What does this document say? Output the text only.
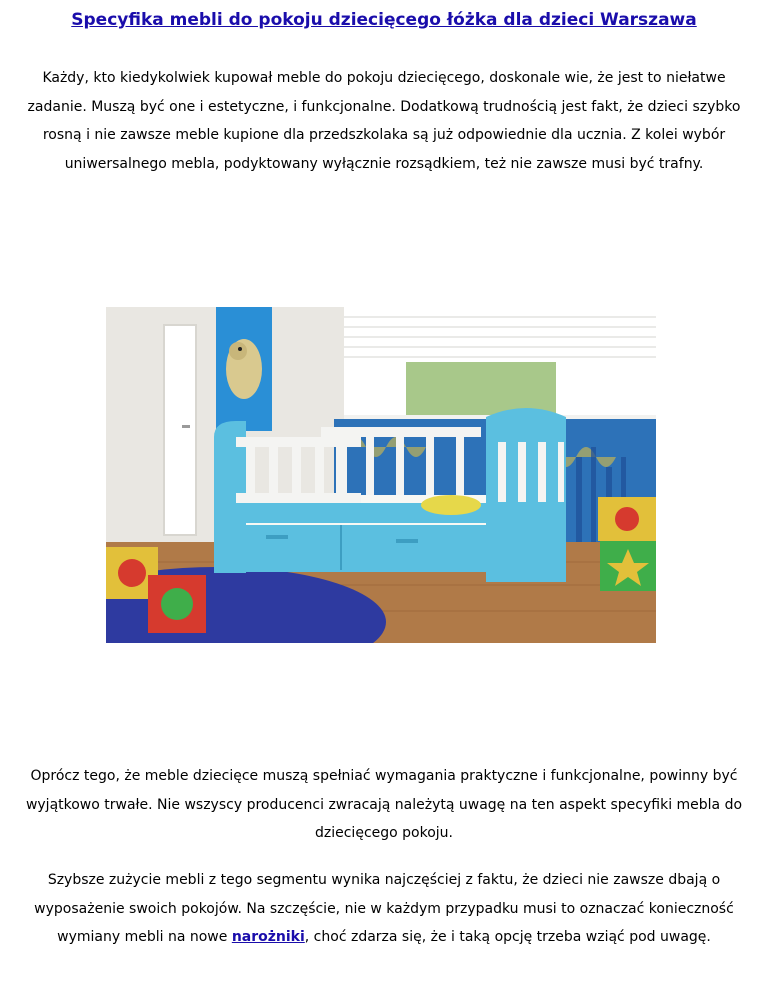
Specyfika mebli do pokoju dziecięcego łóżka dla dzieci Warszawa

Każdy, kto kiedykolwiek kupował meble do pokoju dziecięcego, doskonale wie, że jest to niełatwe zadanie. Muszą być one i estetyczne, i funkcjonalne. Dodatkową trudnością jest fakt, że dzieci szybko rosną i nie zawsze meble kupione dla przedszkolaka są już odpowiednie dla ucznia. Z kolei wybór uniwersalnego mebla, podyktowany wyłącznie rozsądkiem, też nie zawsze musi być trafny.

Oprócz tego, że meble dziecięce muszą spełniać wymagania praktyczne i funkcjonalne, powinny być wyjątkowo trwałe. Nie wszyscy producenci zwracają należytą uwagę na ten aspekt specyfiki mebla do dziecięcego pokoju.

Szybsze zużycie mebli z tego segmentu wynika najczęściej z faktu, że dzieci nie zawsze dbają o wyposażenie swoich pokojów. Na szczęście, nie w każdym przypadku musi to oznaczać konieczność wymiany mebli na nowe narożniki, choć zdarza się, że i taką opcję trzeba wziąć pod uwagę.
